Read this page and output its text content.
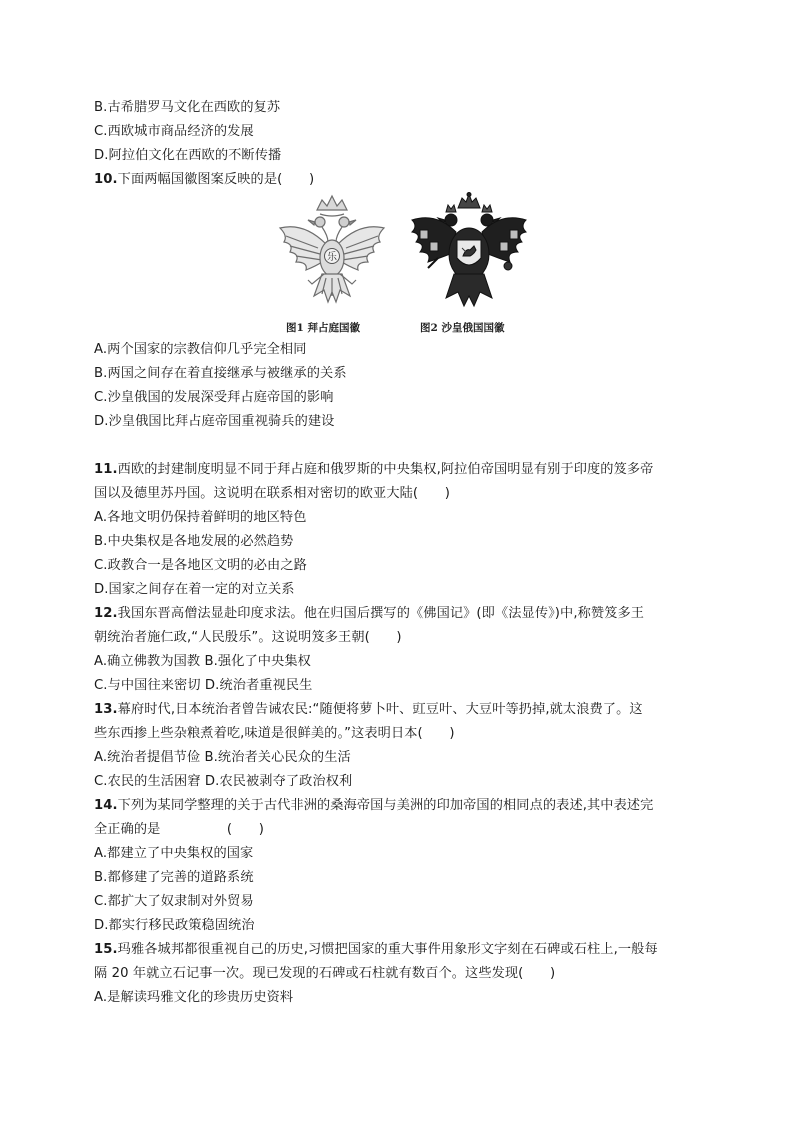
B.古希腊罗马文化在西欧的复苏
C.西欧城市商品经济的发展
D.阿拉伯文化在西欧的不断传播
10.下面两幅国徽图案反映的是(　　)
乐
图1 拜占庭国徽	图2 沙皇俄国国徽
A.两个国家的宗教信仰几乎完全相同
B.两国之间存在着直接继承与被继承的关系
C.沙皇俄国的发展深受拜占庭帝国的影响
D.沙皇俄国比拜占庭帝国重视骑兵的建设
11.西欧的封建制度明显不同于拜占庭和俄罗斯的中央集权,阿拉伯帝国明显有别于印度的笈多帝
国以及德里苏丹国。这说明在联系相对密切的欧亚大陆(　　)
A.各地文明仍保持着鲜明的地区特色
B.中央集权是各地发展的必然趋势
C.政教合一是各地区文明的必由之路
D.国家之间存在着一定的对立关系
12.我国东晋高僧法显赴印度求法。他在归国后撰写的《佛国记》(即《法显传》)中,称赞笈多王
朝统治者施仁政,“人民殷乐”。这说明笈多王朝(　　)
A.确立佛教为国教 B.强化了中央集权
C.与中国往来密切 D.统治者重视民生
13.幕府时代,日本统治者曾告诫农民:“随便将萝卜叶、豇豆叶、大豆叶等扔掉,就太浪费了。这
些东西掺上些杂粮煮着吃,味道是很鲜美的。”这表明日本(　　)
A.统治者提倡节俭 B.统治者关心民众的生活
C.农民的生活困窘 D.农民被剥夺了政治权利
14.下列为某同学整理的关于古代非洲的桑海帝国与美洲的印加帝国的相同点的表述,其中表述完
全正确的是　　　　　(　　)
A.都建立了中央集权的国家
B.都修建了完善的道路系统
C.都扩大了奴隶制对外贸易
D.都实行移民政策稳固统治
15.玛雅各城邦都很重视自己的历史,习惯把国家的重大事件用象形文字刻在石碑或石柱上,一般每
隔 20 年就立石记事一次。现已发现的石碑或石柱就有数百个。这些发现(　　)
A.是解读玛雅文化的珍贵历史资料
